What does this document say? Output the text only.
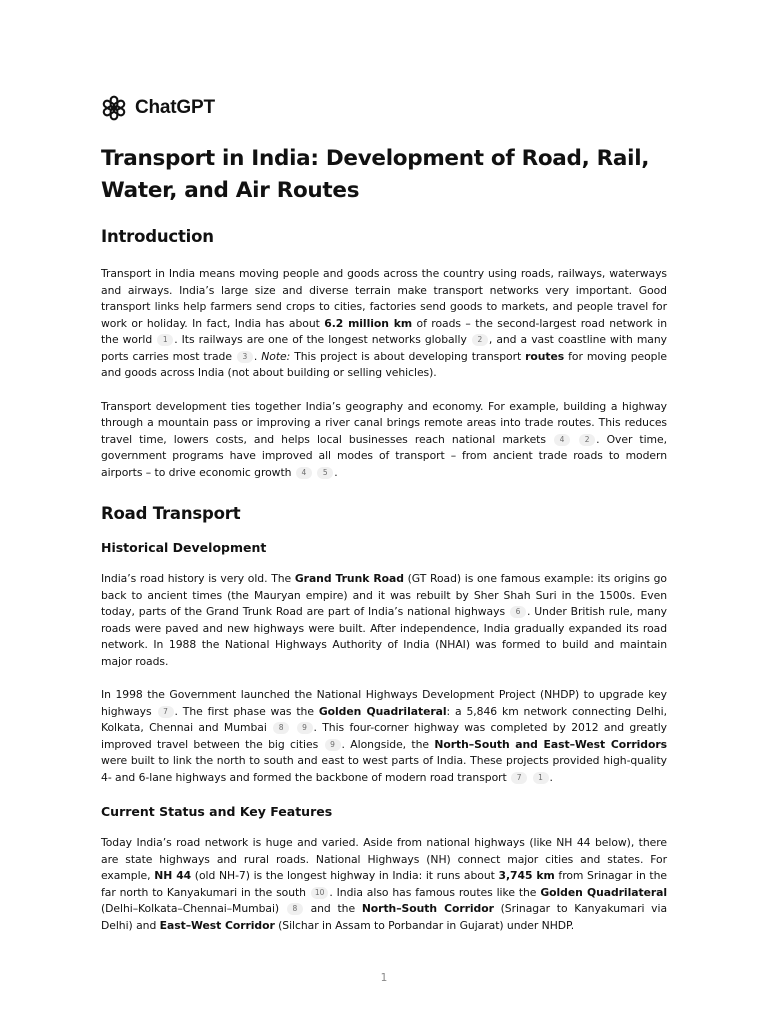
ChatGPT
Transport in India: Development of Road, Rail, Water, and Air Routes
Introduction

Transport in India means moving people and goods across the country using roads, railways, waterways and airways. India’s large size and diverse terrain make transport networks very important. Good transport links help farmers send crops to cities, factories send goods to markets, and people travel for work or holiday. In fact, India has about 6.2 million km of roads – the second-largest road network in the world 1 . Its railways are one of the longest networks globally 2 , and a vast coastline with many ports carries most trade 3 . Note: This project is about developing transport routes for moving people and goods across India (not about building or selling vehicles).

Transport development ties together India’s geography and economy. For example, building a highway through a mountain pass or improving a river canal brings remote areas into trade routes. This reduces travel time, lowers costs, and helps local businesses reach national markets 4	2 . Over time, government programs have improved all modes of transport – from ancient trade roads to modern airports – to drive economic growth 4 5 .

Road Transport
Historical Development

India’s road history is very old. The Grand Trunk Road (GT Road) is one famous example: its origins go back to ancient times (the Mauryan empire) and it was rebuilt by Sher Shah Suri in the 1500s. Even today, parts of the Grand Trunk Road are part of India’s national highways 6 . Under British rule, many roads were paved and new highways were built. After independence, India gradually expanded its road network. In 1988 the National Highways Authority of India (NHAI) was formed to build and maintain major roads.

In 1998 the Government launched the National Highways Development Project (NHDP) to upgrade key highways 7 . The first phase was the Golden Quadrilateral: a 5,846 km network connecting Delhi, Kolkata, Chennai and Mumbai 8 9 . This four-corner highway was completed by 2012 and greatly improved travel between the big cities 9 . Alongside, the North–South and East–West Corridors were built to link the north to south and east to west parts of India. These projects provided high-quality 4- and 6-lane highways and formed the backbone of modern road transport 7 1 .

Current Status and Key Features

Today India’s road network is huge and varied. Aside from national highways (like NH 44 below), there are state highways and rural roads. National Highways (NH) connect major cities and states. For example, NH 44 (old NH-7) is the longest highway in India: it runs about 3,745 km from Srinagar in the far north to Kanyakumari in the south 10 . India also has famous routes like the Golden Quadrilateral (Delhi–Kolkata–Chennai–Mumbai) 8 and the North–South Corridor (Srinagar to Kanyakumari via Delhi) and East–West Corridor (Silchar in Assam to Porbandar in Gujarat) under NHDP.

1
